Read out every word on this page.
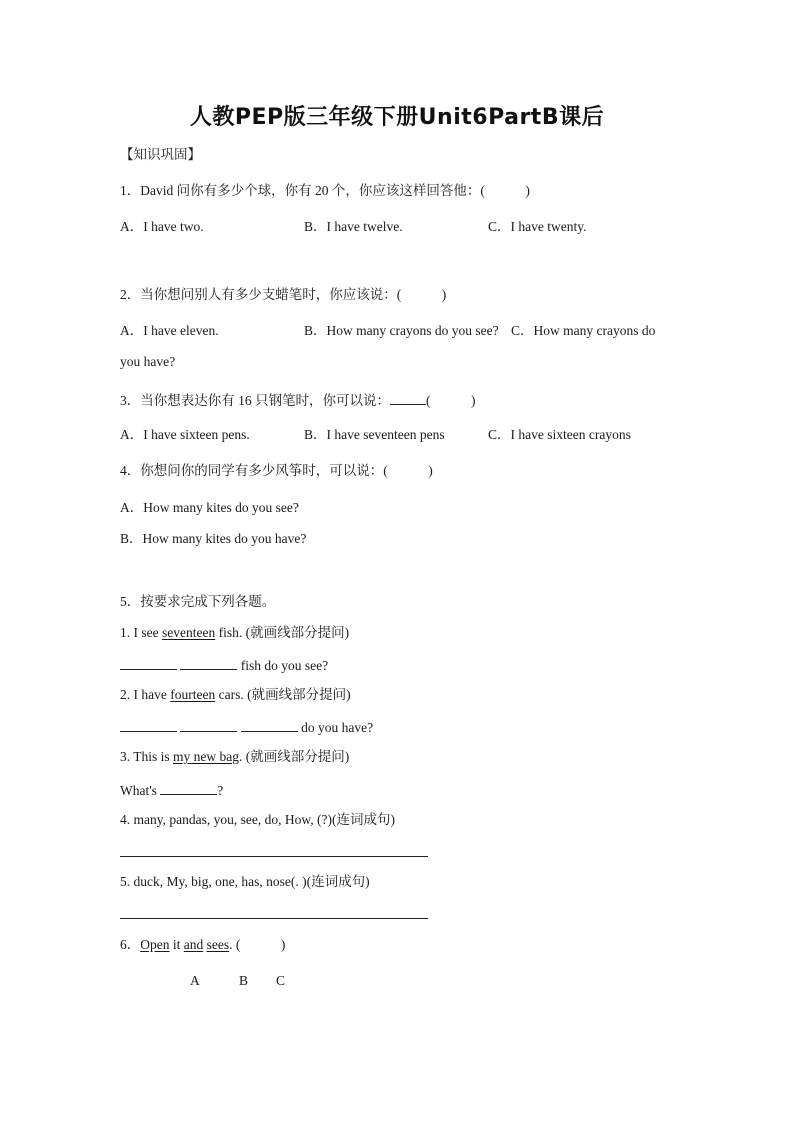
人教PEP版三年级下册Unit6PartB课后
【知识巩固】
1．David 问你有多少个球，你有 20 个，你应该这样回答他：(　　　)
A．I have two.	B．I have twelve.	C．I have twenty.
2．当你想问别人有多少支蜡笔时，你应该说：(　　　)
A．I have eleven.	B．How many crayons do you see? C．How many crayons do
you have?
3．当你想表达你有 16 只钢笔时，你可以说：	(　　　)
A．I have sixteen pens.	B．I have seventeen pens	C．I have sixteen crayons
4．你想问你的同学有多少风筝时，可以说：(　　　)
A．How many kites do you see?
B．How many kites do you have?
5．按要求完成下列各题。
1. I see seventeen fish. (就画线部分提问)
fish do you see?
2. I have fourteen cars. (就画线部分提问)
do you have?
3. This is my new bag. (就画线部分提问)
What's	?
4. many, pandas, you, see, do, How, (?)(连词成句)
5. duck, My, big, one, has, nose(. )(连词成句)
6．Open it and sees. (　　　)
A	B C
